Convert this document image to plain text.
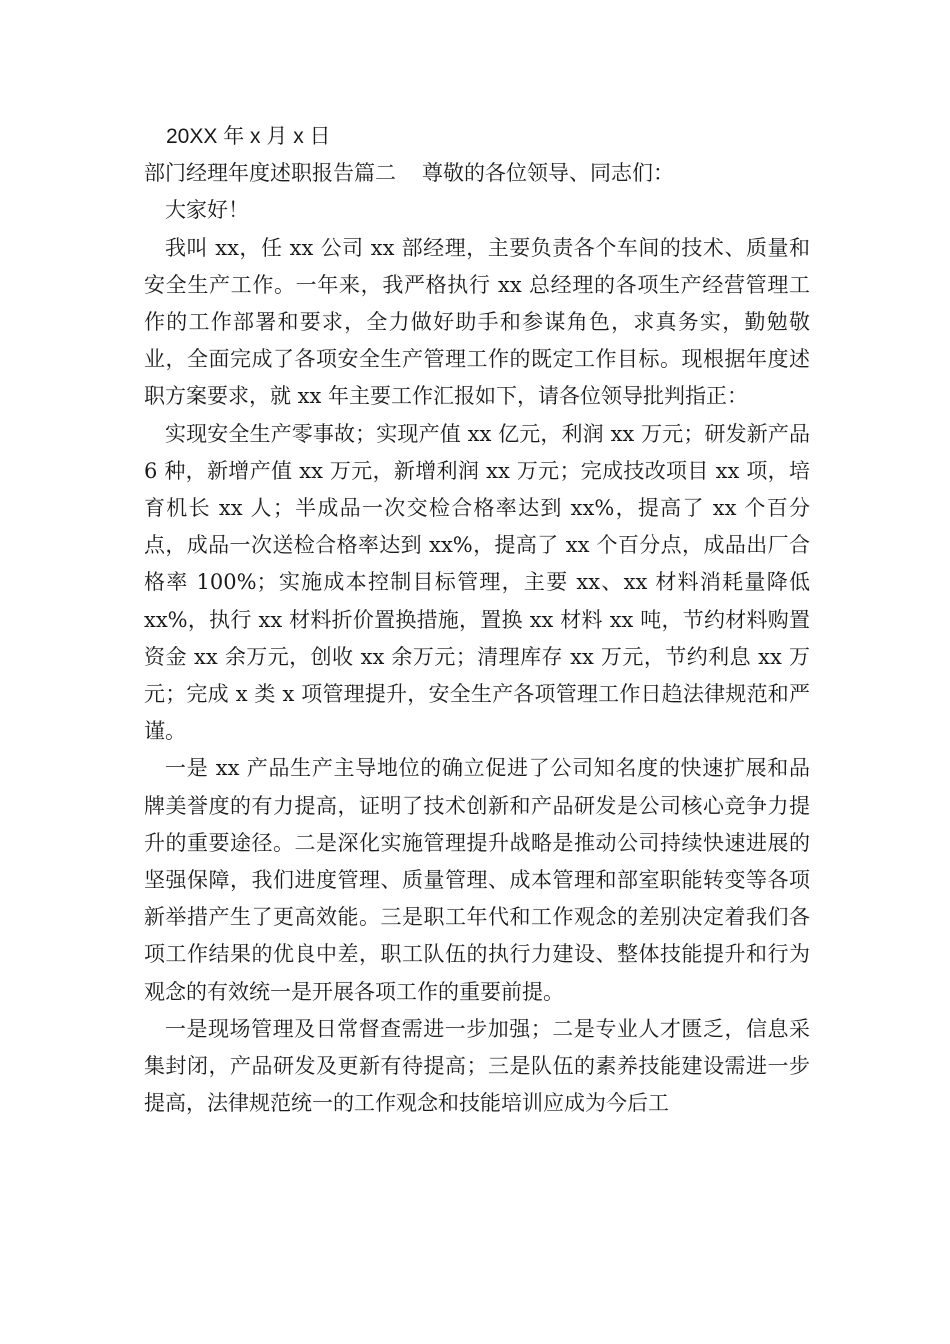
20XX 年 x 月 x 日

部门经理年度述职报告篇二 尊敬的各位领导、同志们：

大家好！

我叫 xx，任 xx 公司 xx 部经理，主要负责各个车间的技术、质量和安全生产工作。一年来，我严格执行 xx 总经理的各项生产经营管理工作的工作部署和要求，全力做好助手和参谋角色，求真务实，勤勉敬业，全面完成了各项安全生产管理工作的既定工作目标。现根据年度述职方案要求，就 xx 年主要工作汇报如下，请各位领导批判指正：

实现安全生产零事故；实现产值 xx 亿元，利润 xx 万元；研发新产品 6 种，新增产值 xx 万元，新增利润 xx 万元；完成技改项目 xx 项，培育机长 xx 人；半成品一次交检合格率达到 xx%，提高了 xx 个百分点，成品一次送检合格率达到 xx%，提高了 xx 个百分点，成品出厂合格率 100%；实施成本控制目标管理，主要 xx、xx 材料消耗量降低 xx%，执行 xx 材料折价置换措施，置换 xx 材料 xx 吨，节约材料购置资金 xx 余万元，创收 xx 余万元；清理库存 xx 万元，节约利息 xx 万元；完成 x 类 x 项管理提升，安全生产各项管理工作日趋法律规范和严谨。

一是 xx 产品生产主导地位的确立促进了公司知名度的快速扩展和品牌美誉度的有力提高，证明了技术创新和产品研发是公司核心竞争力提升的重要途径。二是深化实施管理提升战略是推动公司持续快速进展的坚强保障，我们进度管理、质量管理、成本管理和部室职能转变等各项新举措产生了更高效能。三是职工年代和工作观念的差别决定着我们各项工作结果的优良中差，职工队伍的执行力建设、整体技能提升和行为观念的有效统一是开展各项工作的重要前提。

一是现场管理及日常督查需进一步加强；二是专业人才匮乏，信息采集封闭，产品研发及更新有待提高；三是队伍的素养技能建设需进一步提高，法律规范统一的工作观念和技能培训应成为今后工
